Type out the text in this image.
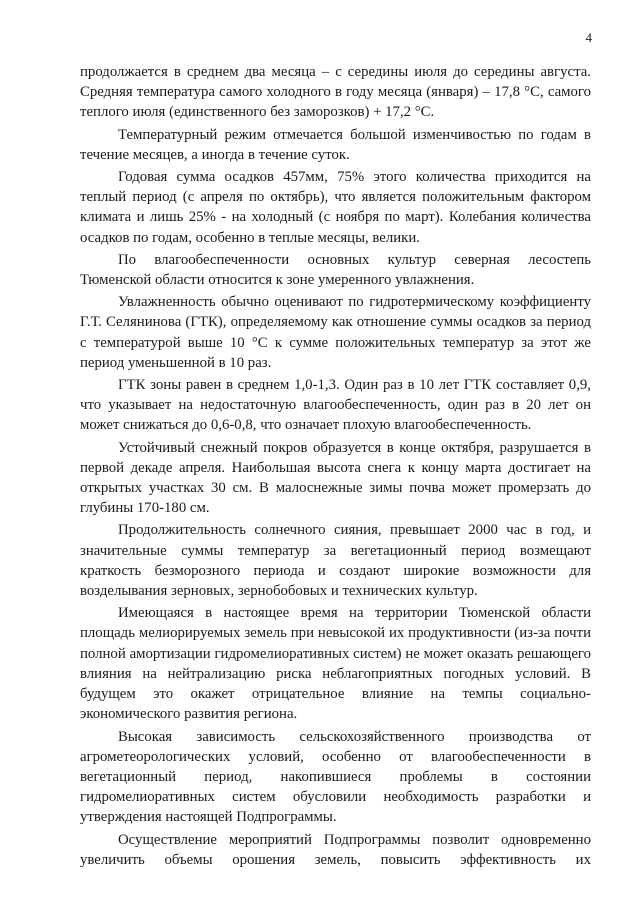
4

продолжается в среднем два месяца – с середины июля до середины августа. Средняя температура самого холодного в году месяца (января) – 17,8 °С, самого теплого июля (единственного без заморозков) + 17,2 °С.

Температурный режим отмечается большой изменчивостью по годам в течение месяцев, а иногда в течение суток.

Годовая сумма осадков 457мм, 75% этого количества приходится на теплый период (с апреля по октябрь), что является положительным фактором климата и лишь 25% - на холодный (с ноября по март). Колебания количества осадков по годам, особенно в теплые месяцы, велики.

По влагообеспеченности основных культур северная лесостепь Тюменской области относится к зоне умеренного увлажнения.

Увлажненность обычно оценивают по гидротермическому коэффициенту Г.Т. Селянинова (ГТК), определяемому как отношение суммы осадков за период с температурой выше 10 °С к сумме положительных температур за этот же период уменьшенной в 10 раз.

ГТК зоны равен в среднем 1,0-1,3. Один раз в 10 лет ГТК составляет 0,9, что указывает на недостаточную влагообеспеченность, один раз в 20 лет он может снижаться до 0,6-0,8, что означает плохую влагообеспеченность.

Устойчивый снежный покров образуется в конце октября, разрушается в первой декаде апреля. Наибольшая высота снега к концу марта достигает на открытых участках 30 см. В малоснежные зимы почва может промерзать до глубины 170-180 см.

Продолжительность солнечного сияния, превышает 2000 час в год, и значительные суммы температур за вегетационный период возмещают краткость безморозного периода и создают широкие возможности для возделывания зерновых, зернобобовых и технических культур.

Имеющаяся в настоящее время на территории Тюменской области площадь мелиорируемых земель при невысокой их продуктивности (из-за почти полной амортизации гидромелиоративных систем) не может оказать решающего влияния на нейтрализацию риска неблагоприятных погодных условий. В будущем это окажет отрицательное влияние на темпы социально-экономического развития региона.

Высокая зависимость сельскохозяйственного производства от агрометеорологических условий, особенно от влагообеспеченности в вегетационный период, накопившиеся проблемы в состоянии гидромелиоративных систем обусловили необходимость разработки и утверждения настоящей Подпрограммы.

Осуществление мероприятий Подпрограммы позволит одновременно увеличить объемы орошения земель, повысить эффективность их
